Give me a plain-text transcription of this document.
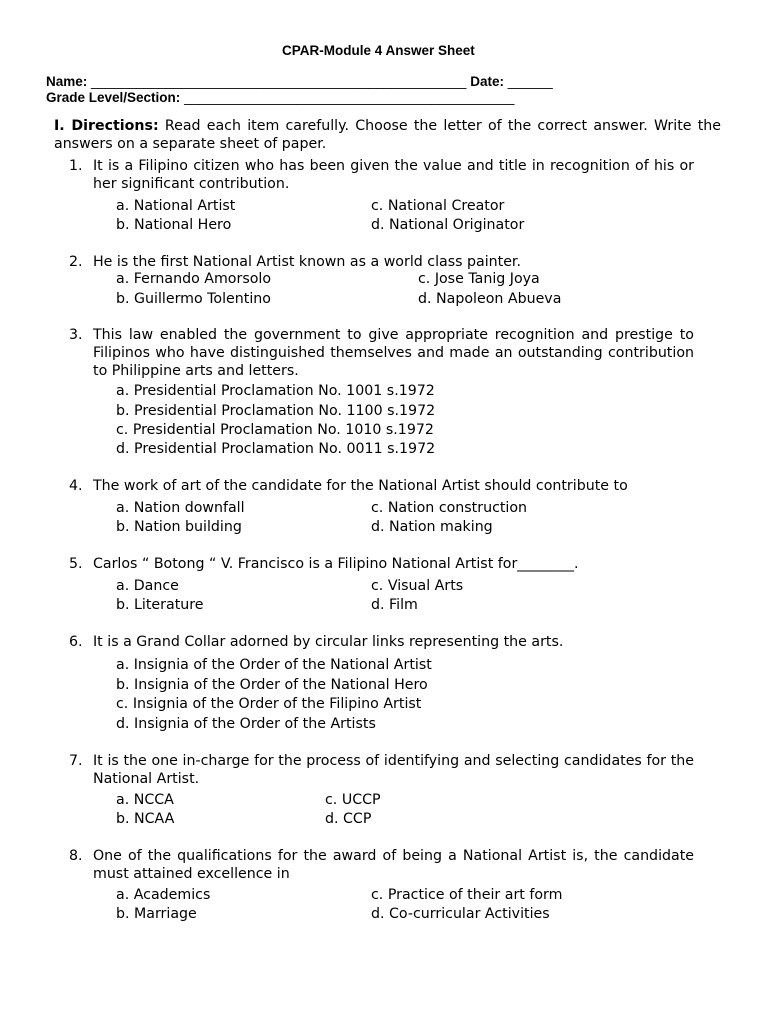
CPAR-Module 4 Answer Sheet
Name: __________________________________________________ Date: ______
Grade Level/Section: ____________________________________________
I. Directions: Read each item carefully. Choose the letter of the correct answer. Write the answers on a separate sheet of paper.
1. It is a Filipino citizen who has been given the value and title in recognition of his or her significant contribution.
a. National Artist
b. National Hero
c. National Creator
d. National Originator
2. He is the first National Artist known as a world class painter.
a. Fernando Amorsolo
b. Guillermo Tolentino
c. Jose Tanig Joya
d. Napoleon Abueva
3. This law enabled the government to give appropriate recognition and prestige to Filipinos who have distinguished themselves and made an outstanding contribution to Philippine arts and letters.
a. Presidential Proclamation No. 1001 s.1972
b. Presidential Proclamation No. 1100 s.1972
c. Presidential Proclamation No. 1010 s.1972
d. Presidential Proclamation No. 0011 s.1972
4. The work of art of the candidate for the National Artist should contribute to
a. Nation downfall
b. Nation building
c. Nation construction
d. Nation making
5. Carlos “ Botong “ V. Francisco is a Filipino National Artist for________.
a. Dance
b. Literature
c. Visual Arts
d. Film
6. It is a Grand Collar adorned by circular links representing the arts.
a. Insignia of the Order of the National Artist
b. Insignia of the Order of the National Hero
c. Insignia of the Order of the Filipino Artist
d. Insignia of the Order of the Artists
7. It is the one in-charge for the process of identifying and selecting candidates for the National Artist.
a. NCCA
b. NCAA
c. UCCP
d. CCP
8. One of the qualifications for the award of being a National Artist is, the candidate must attained excellence in
a. Academics
b. Marriage
c. Practice of their art form
d. Co-curricular Activities
